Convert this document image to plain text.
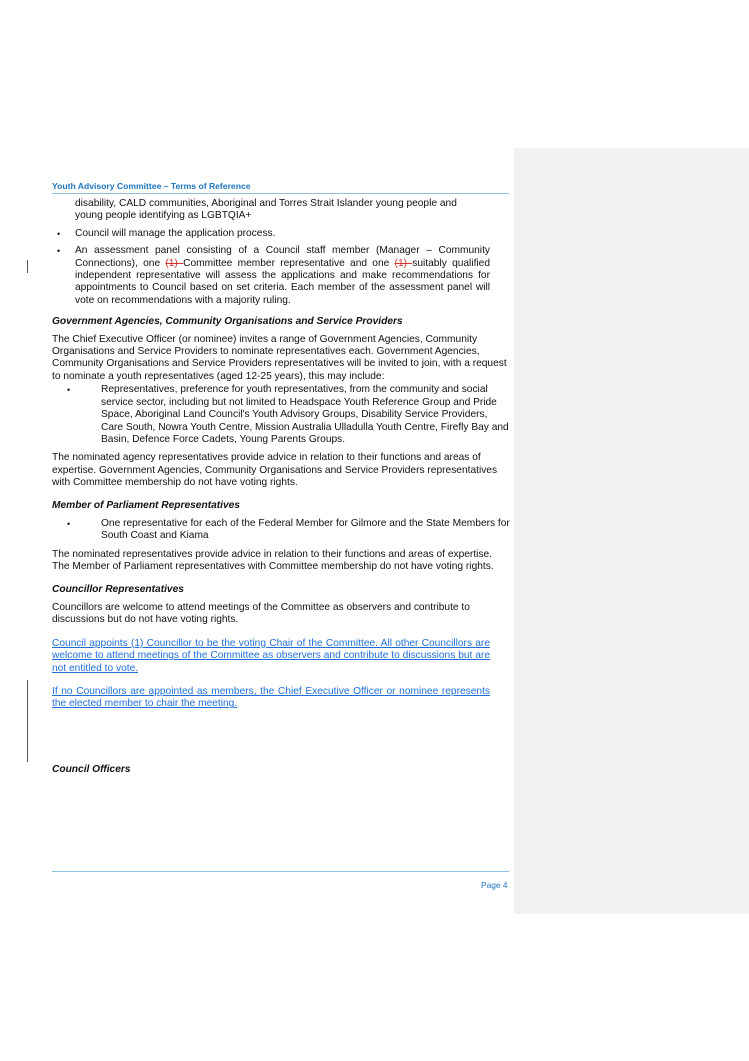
Youth Advisory Committee – Terms of Reference

disability, CALD communities, Aboriginal and Torres Strait Islander young people and
young people identifying as LGBTQIA+

• Council will manage the application process.
• An assessment panel consisting of a Council staff member (Manager – Community Connections), one (1) Committee member representative and one (1) suitably qualified independent representative will assess the applications and make recommendations for appointments to Council based on set criteria. Each member of the assessment panel will vote on recommendations with a majority ruling.

Government Agencies, Community Organisations and Service Providers

The Chief Executive Officer (or nominee) invites a range of Government Agencies, Community Organisations and Service Providers to nominate representatives each. Government Agencies, Community Organisations and Service Providers representatives will be invited to join, with a request to nominate a youth representatives (aged 12-25 years), this may include:

•	Representatives, preference for youth representatives, from the community and social service sector, including but not limited to Headspace Youth Reference Group and Pride Space, Aboriginal Land Council's Youth Advisory Groups, Disability Service Providers, Care South, Nowra Youth Centre, Mission Australia Ulladulla Youth Centre, Firefly Bay and Basin, Defence Force Cadets, Young Parents Groups.

The nominated agency representatives provide advice in relation to their functions and areas of expertise. Government Agencies, Community Organisations and Service Providers representatives with Committee membership do not have voting rights.

Member of Parliament Representatives

•	One representative for each of the Federal Member for Gilmore and the State Members for South Coast and Kiama

The nominated representatives provide advice in relation to their functions and areas of expertise. The Member of Parliament representatives with Committee membership do not have voting rights.

Councillor Representatives

Councillors are welcome to attend meetings of the Committee as observers and contribute to discussions but do not have voting rights.

Council appoints (1) Councillor to be the voting Chair of the Committee. All other Councillors are welcome to attend meetings of the Committee as observers and contribute to discussions but are not entitled to vote.

If no Councillors are appointed as members, the Chief Executive Officer or nominee represents the elected member to chair the meeting.

Council Officers

Page 4
